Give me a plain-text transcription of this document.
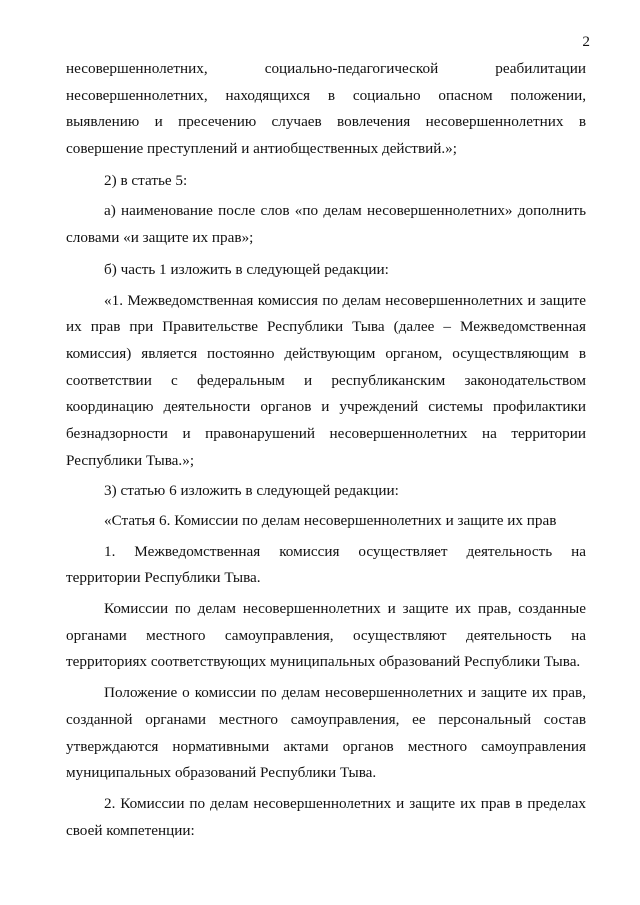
2
несовершеннолетних, социально-педагогической реабилитации
несовершеннолетних, находящихся в социально опасном положении,
выявлению и пресечению случаев вовлечения несовершеннолетних в
совершение преступлений и антиобщественных действий.»;
2) в статье 5:
а) наименование после слов «по делам несовершеннолетних» дополнить
словами «и защите их прав»;
б) часть 1 изложить в следующей редакции:
«1. Межведомственная комиссия по делам несовершеннолетних и защите
их прав при Правительстве Республики Тыва (далее – Межведомственная
комиссия) является постоянно действующим органом, осуществляющим в
соответствии с федеральным и республиканским законодательством
координацию деятельности органов и учреждений системы профилактики
безнадзорности и правонарушений несовершеннолетних на территории
Республики Тыва.»;
3) статью 6 изложить в следующей редакции:
«Статья 6. Комиссии по делам несовершеннолетних и защите их прав
1. Межведомственная комиссия осуществляет деятельность на
территории Республики Тыва.
Комиссии по делам несовершеннолетних и защите их прав, созданные
органами местного самоуправления, осуществляют деятельность на
территориях соответствующих муниципальных образований Республики Тыва.
Положение о комиссии по делам несовершеннолетних и защите их прав,
созданной органами местного самоуправления, ее персональный состав
утверждаются нормативными актами органов местного самоуправления
муниципальных образований Республики Тыва.
2. Комиссии по делам несовершеннолетних и защите их прав в пределах
своей компетенции:
